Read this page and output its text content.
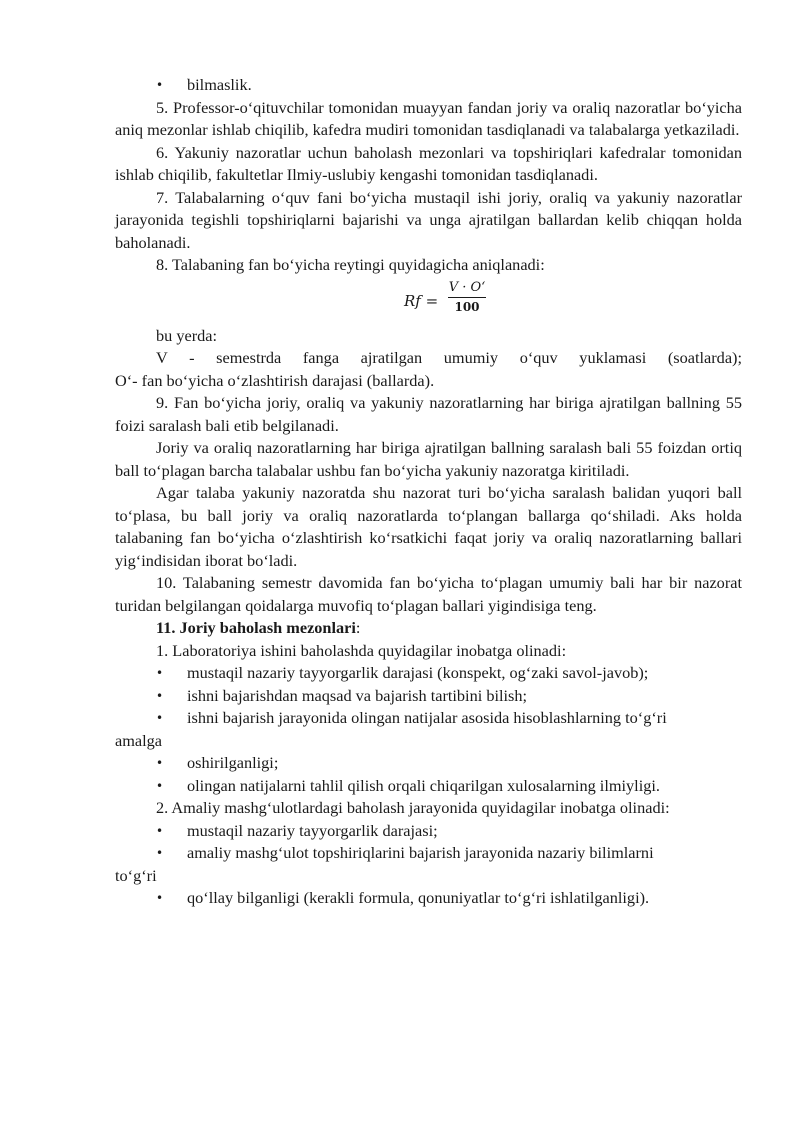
• bilmaslik.

5. Professor-o‘qituvchilar tomonidan muayyan fandan joriy va oraliq nazoratlar bo‘yicha aniq mezonlar ishlab chiqilib, kafedra mudiri tomonidan tasdiqlanadi va talabalarga yetkaziladi.

6. Yakuniy nazoratlar uchun baholash mezonlari va topshiriqlari kafedralar tomonidan ishlab chiqilib, fakultetlar Ilmiy-uslubiy kengashi tomonidan tasdiqlanadi.

7. Talabalarning o‘quv fani bo‘yicha mustaqil ishi joriy, oraliq va yakuniy nazoratlar jarayonida tegishli topshiriqlarni bajarishi va unga ajratilgan ballardan kelib chiqqan holda baholanadi.

8. Talabaning fan bo‘yicha reytingi quyidagicha aniqlanadi:

Rf =
V · O‘
100

bu yerda:

V - semestrda fanga ajratilgan umumiy o‘quv yuklamasi (soatlarda);

O‘- fan bo‘yicha o‘zlashtirish darajasi (ballarda).

9. Fan bo‘yicha joriy, oraliq va yakuniy nazoratlarning har biriga ajratilgan ballning 55 foizi saralash bali etib belgilanadi.

Joriy va oraliq nazoratlarning har biriga ajratilgan ballning saralash bali 55 foizdan ortiq ball to‘plagan barcha talabalar ushbu fan bo‘yicha yakuniy nazoratga kiritiladi.

Agar talaba yakuniy nazoratda shu nazorat turi bo‘yicha saralash balidan yuqori ball to‘plasa, bu ball joriy va oraliq nazoratlarda to‘plangan ballarga qo‘shiladi. Aks holda talabaning fan bo‘yicha o‘zlashtirish ko‘rsatkichi faqat joriy va oraliq nazoratlarning ballari yig‘indisidan iborat bo‘ladi.

10. Talabaning semestr davomida fan bo‘yicha to‘plagan umumiy bali har bir nazorat turidan belgilangan qoidalarga muvofiq to‘plagan ballari yigindisiga teng.

11. Joriy baholash mezonlari:

1. Laboratoriya ishini baholashda quyidagilar inobatga olinadi:

• mustaqil nazariy tayyorgarlik darajasi (konspekt, og‘zaki savol-javob);

• ishni bajarishdan maqsad va bajarish tartibini bilish;

• ishni bajarish jarayonida olingan natijalar asosida hisoblashlarning to‘g‘ri
amalga

• oshirilganligi;

• olingan natijalarni tahlil qilish orqali chiqarilgan xulosalarning ilmiyligi.

2. Amaliy mashg‘ulotlardagi baholash jarayonida quyidagilar inobatga olinadi:

• mustaqil nazariy tayyorgarlik darajasi;

• amaliy mashg‘ulot topshiriqlarini bajarish jarayonida nazariy bilimlarni
to‘g‘ri

• qo‘llay bilganligi (kerakli formula, qonuniyatlar to‘g‘ri ishlatilganligi).
